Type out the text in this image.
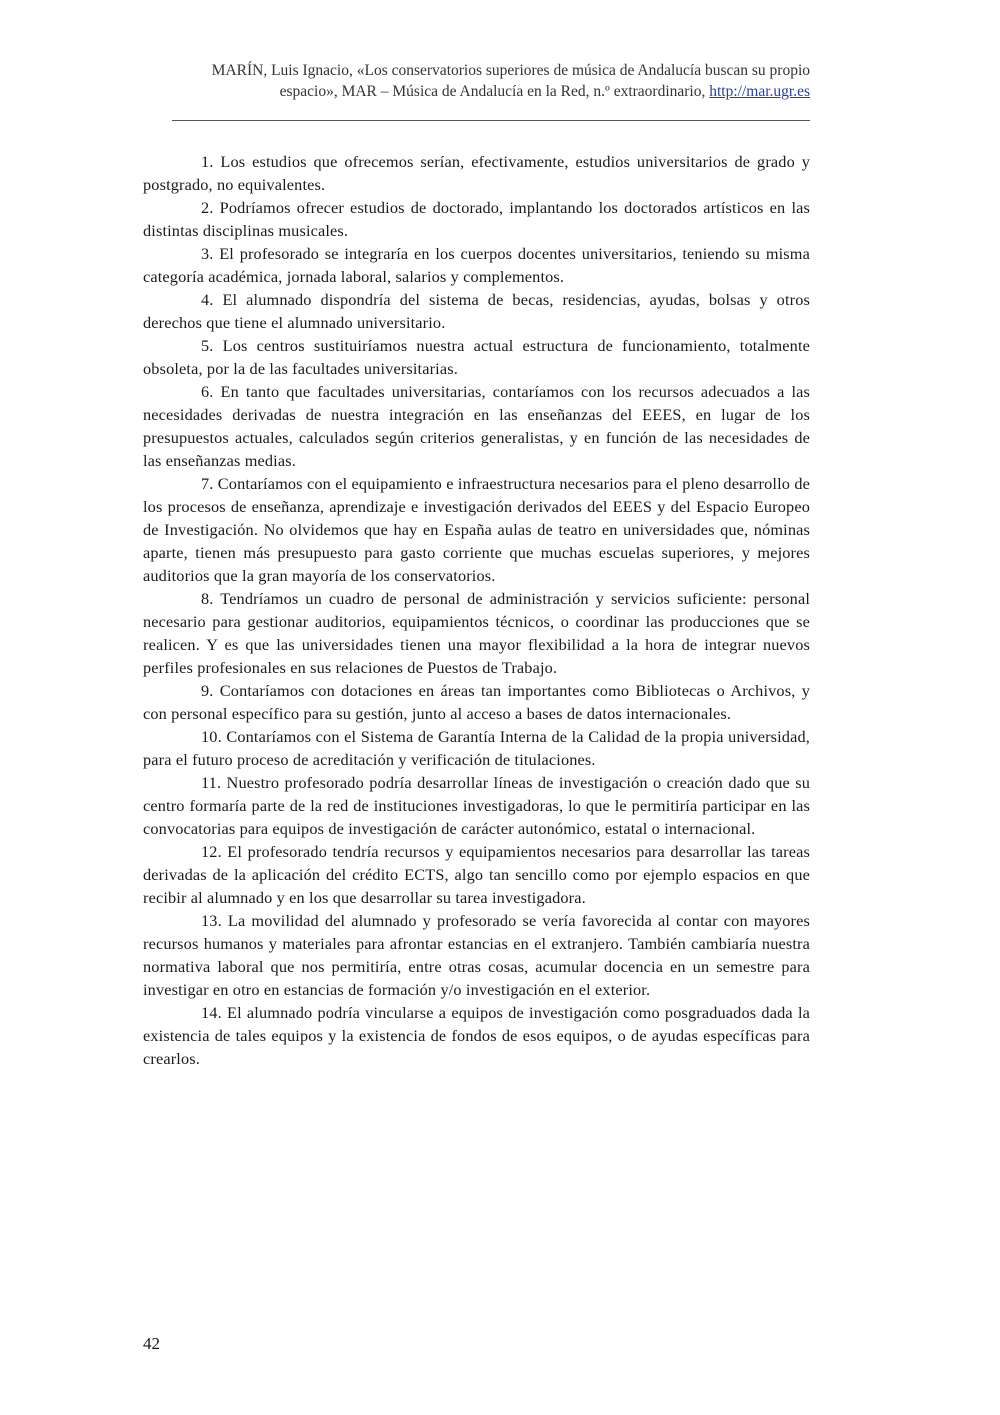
MARÍN, Luis Ignacio, «Los conservatorios superiores de música de Andalucía buscan su propio
espacio», MAR – Música de Andalucía en la Red, n.º extraordinario, http://mar.ugr.es

1. Los estudios que ofrecemos serían, efectivamente, estudios universitarios de grado y postgrado, no equivalentes.

2. Podríamos ofrecer estudios de doctorado, implantando los doctorados artísticos en las distintas disciplinas musicales.

3. El profesorado se integraría en los cuerpos docentes universitarios, teniendo su misma categoría académica, jornada laboral, salarios y complementos.

4. El alumnado dispondría del sistema de becas, residencias, ayudas, bolsas y otros derechos que tiene el alumnado universitario.

5. Los centros sustituiríamos nuestra actual estructura de funcionamiento, totalmente obsoleta, por la de las facultades universitarias.

6. En tanto que facultades universitarias, contaríamos con los recursos adecuados a las necesidades derivadas de nuestra integración en las enseñanzas del EEES, en lugar de los presupuestos actuales, calculados según criterios generalistas, y en función de las necesidades de las enseñanzas medias.

7. Contaríamos con el equipamiento e infraestructura necesarios para el pleno desarrollo de los procesos de enseñanza, aprendizaje e investigación derivados del EEES y del Espacio Europeo de Investigación. No olvidemos que hay en España aulas de teatro en universidades que, nóminas aparte, tienen más presupuesto para gasto corriente que muchas escuelas superiores, y mejores auditorios que la gran mayoría de los conservatorios.

8. Tendríamos un cuadro de personal de administración y servicios suficiente: personal necesario para gestionar auditorios, equipamientos técnicos, o coordinar las producciones que se realicen. Y es que las universidades tienen una mayor flexibilidad a la hora de integrar nuevos perfiles profesionales en sus relaciones de Puestos de Trabajo.

9. Contaríamos con dotaciones en áreas tan importantes como Bibliotecas o Archivos, y con personal específico para su gestión, junto al acceso a bases de datos internacionales.

10. Contaríamos con el Sistema de Garantía Interna de la Calidad de la propia universidad, para el futuro proceso de acreditación y verificación de titulaciones.

11. Nuestro profesorado podría desarrollar líneas de investigación o creación dado que su centro formaría parte de la red de instituciones investigadoras, lo que le permitiría participar en las convocatorias para equipos de investigación de carácter autonómico, estatal o internacional.

12. El profesorado tendría recursos y equipamientos necesarios para desarrollar las tareas derivadas de la aplicación del crédito ECTS, algo tan sencillo como por ejemplo espacios en que recibir al alumnado y en los que desarrollar su tarea investigadora.

13. La movilidad del alumnado y profesorado se vería favorecida al contar con mayores recursos humanos y materiales para afrontar estancias en el extranjero. También cambiaría nuestra normativa laboral que nos permitiría, entre otras cosas, acumular docencia en un semestre para investigar en otro en estancias de formación y/o investigación en el exterior.

14. El alumnado podría vincularse a equipos de investigación como posgraduados dada la existencia de tales equipos y la existencia de fondos de esos equipos, o de ayudas específicas para crearlos.

42
